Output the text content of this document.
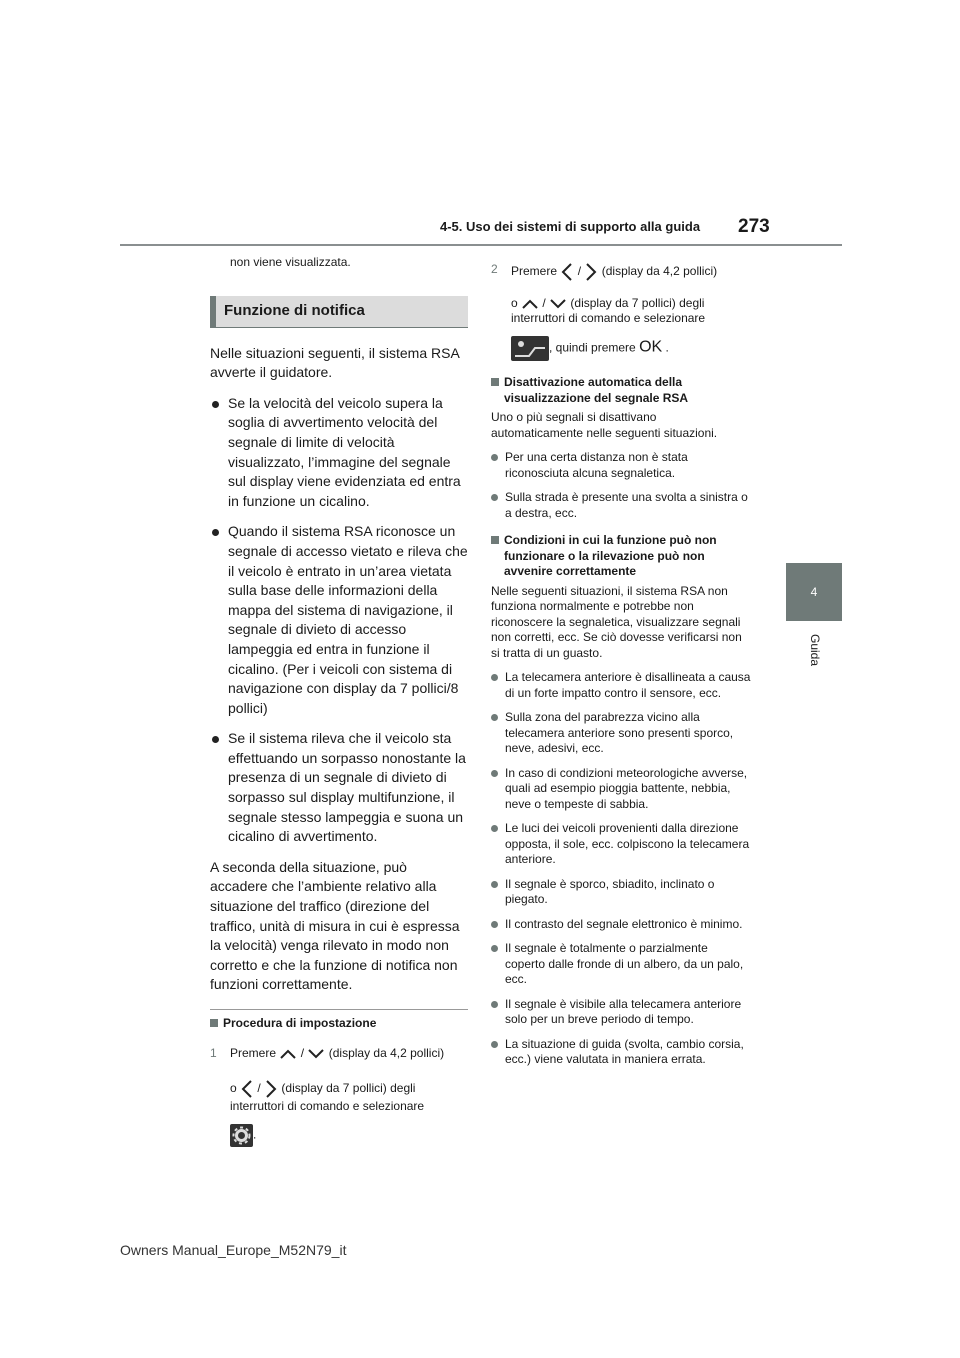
4-5. Uso dei sistemi di supporto alla guida 273
4
Guida

non viene visualizzata.

Funzione di notifica

Nelle situazioni seguenti, il sistema RSA avverte il guidatore.

Se la velocità del veicolo supera la soglia di avvertimento velocità del segnale di limite di velocità visualizzato, l’immagine del segnale sul display viene evidenziata ed entra in funzione un cicalino.
Quando il sistema RSA riconosce un segnale di accesso vietato e rileva che il veicolo è entrato in un’area vietata sulla base delle informazioni della mappa del sistema di navigazione, il segnale di divieto di accesso lampeggia ed entra in funzione il cicalino. (Per i veicoli con sistema di navigazione con display da 7 pollici/8 pollici)
Se il sistema rileva che il veicolo sta effettuando un sorpasso nonostante la presenza di un segnale di divieto di sorpasso sul display multifunzione, il segnale stesso lampeggia e suona un cicalino di avvertimento.

A seconda della situazione, può accadere che l’ambiente relativo alla situazione del traffico (direzione del traffico, unità di misura in cui è espressa la velocità) venga rilevato in modo non corretto e che la funzione di notifica non funzioni correttamente.

Procedura di impostazione
1	Premere / (display da 4,2 pollici)
o / (display da 7 pollici) degli interruttori di comando e selezionare
.
2	Premere / (display da 4,2 pollici)
o / (display da 7 pollici) degli interruttori di comando e selezionare
, quindi premere OK .
Disattivazione automatica della visualizzazione del segnale RSA

Uno o più segnali si disattivano automaticamente nelle seguenti situazioni.

Per una certa distanza non è stata riconosciuta alcuna segnaletica.
Sulla strada è presente una svolta a sinistra o a destra, ecc.
Condizioni in cui la funzione può non funzionare o la rilevazione può non avvenire correttamente

Nelle seguenti situazioni, il sistema RSA non funziona normalmente e potrebbe non riconoscere la segnaletica, visualizzare segnali non corretti, ecc. Se ciò dovesse verificarsi non si tratta di un guasto.

La telecamera anteriore è disallineata a causa di un forte impatto contro il sensore, ecc.
Sulla zona del parabrezza vicino alla telecamera anteriore sono presenti sporco, neve, adesivi, ecc.
In caso di condizioni meteorologiche avverse, quali ad esempio pioggia battente, nebbia, neve o tempeste di sabbia.
Le luci dei veicoli provenienti dalla direzione opposta, il sole, ecc. colpiscono la telecamera anteriore.
Il segnale è sporco, sbiadito, inclinato o piegato.
Il contrasto del segnale elettronico è minimo.
Il segnale è totalmente o parzialmente coperto dalle fronde di un albero, da un palo, ecc.
Il segnale è visibile alla telecamera anteriore solo per un breve periodo di tempo.
La situazione di guida (svolta, cambio corsia, ecc.) viene valutata in maniera errata.
Owners Manual_Europe_M52N79_it
